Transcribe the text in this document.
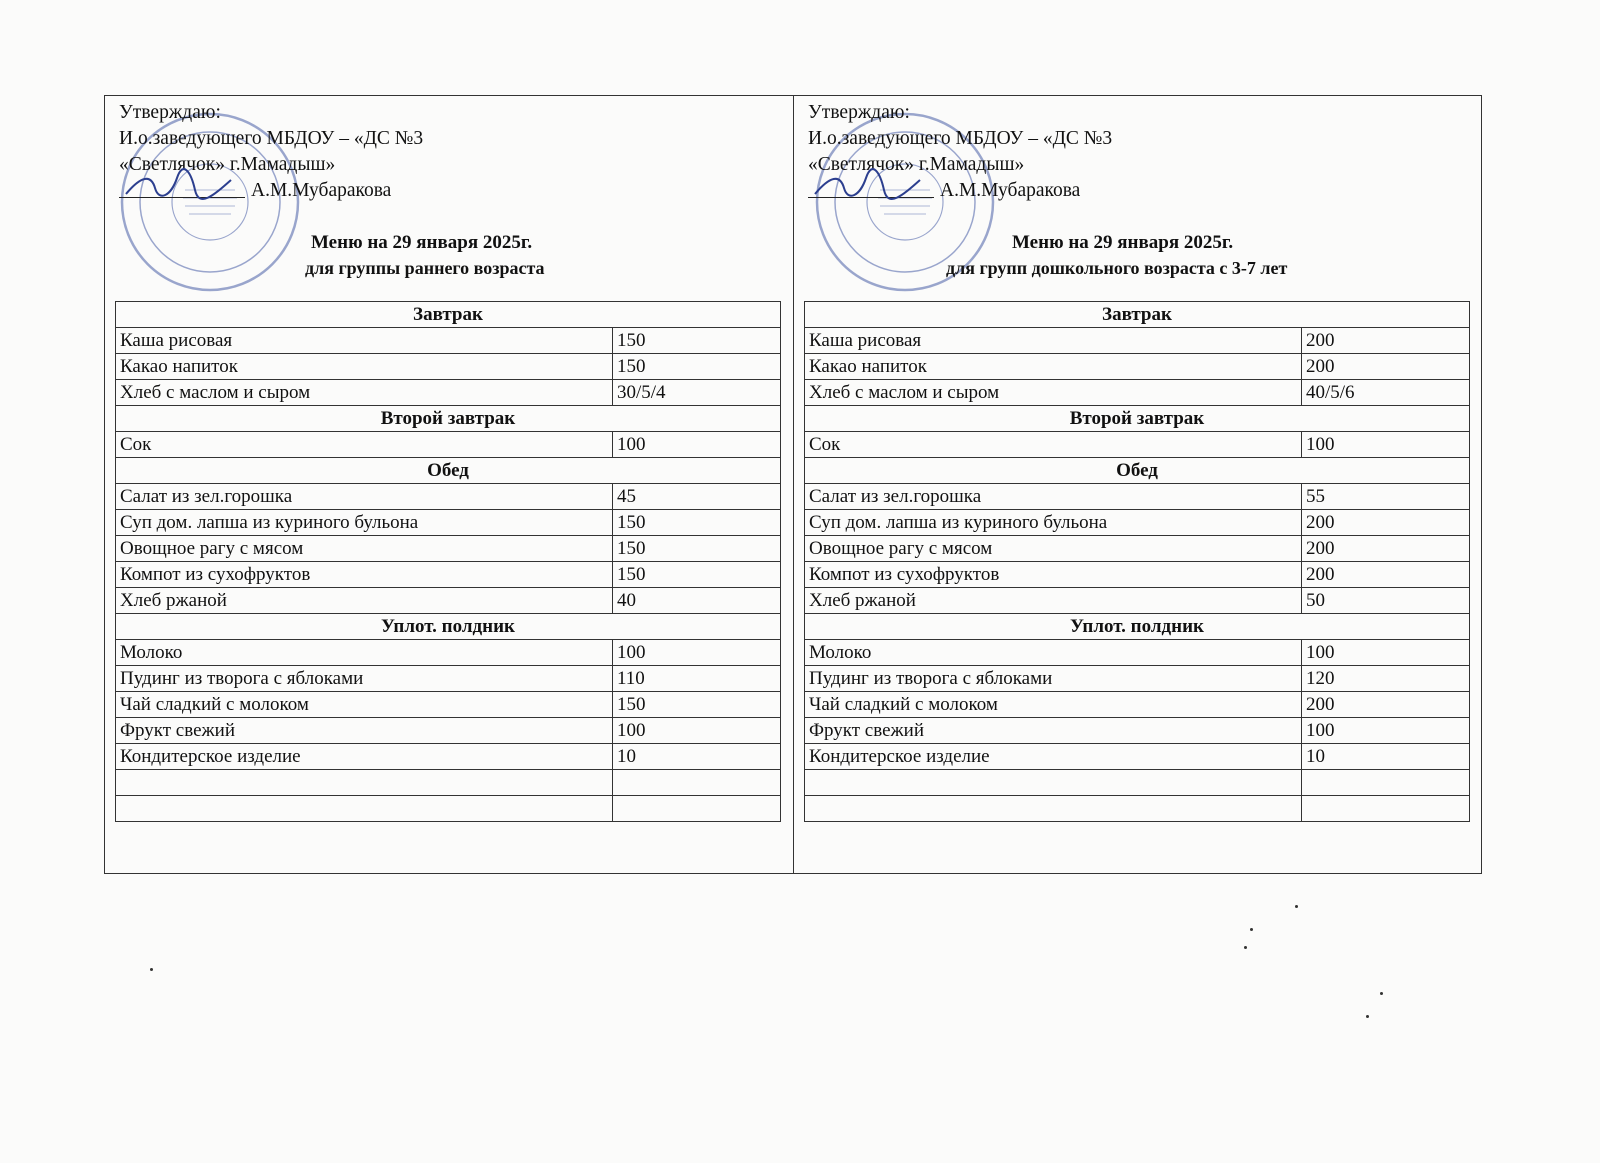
Утверждаю:
И.о.заведующего МБДОУ – «ДС №3
«Светлячок» г.Мамадыш»
А.М.Мубаракова
Меню на 29 января 2025г.
для группы раннего возраста
Завтрак	
Каша рисовая	150
Какао напиток	150
Хлеб с маслом и сыром	30/5/4
Второй завтрак	
Сок	100
Обед	
Салат из зел.горошка	45
Суп дом. лапша из куриного бульона	150
Овощное рагу с мясом	150
Компот из сухофруктов	150
Хлеб ржаной	40
Уплот. полдник	
Молоко	100
Пудинг из творога с яблоками	110
Чай сладкий с молоком	150
Фрукт свежий	100
Кондитерское изделие	10

Утверждаю:
И.о.заведующего МБДОУ – «ДС №3
«Светлячок» г.Мамадыш»
А.М.Мубаракова
Меню на 29 января 2025г.
для групп дошкольного возраста с 3-7 лет
Завтрак	
Каша рисовая	200
Какао напиток	200
Хлеб с маслом и сыром	40/5/6
Второй завтрак	
Сок	100
Обед	
Салат из зел.горошка	55
Суп дом. лапша из куриного бульона	200
Овощное рагу с мясом	200
Компот из сухофруктов	200
Хлеб ржаной	50
Уплот. полдник	
Молоко	100
Пудинг из творога с яблоками	120
Чай сладкий с молоком	200
Фрукт свежий	100
Кондитерское изделие	10
